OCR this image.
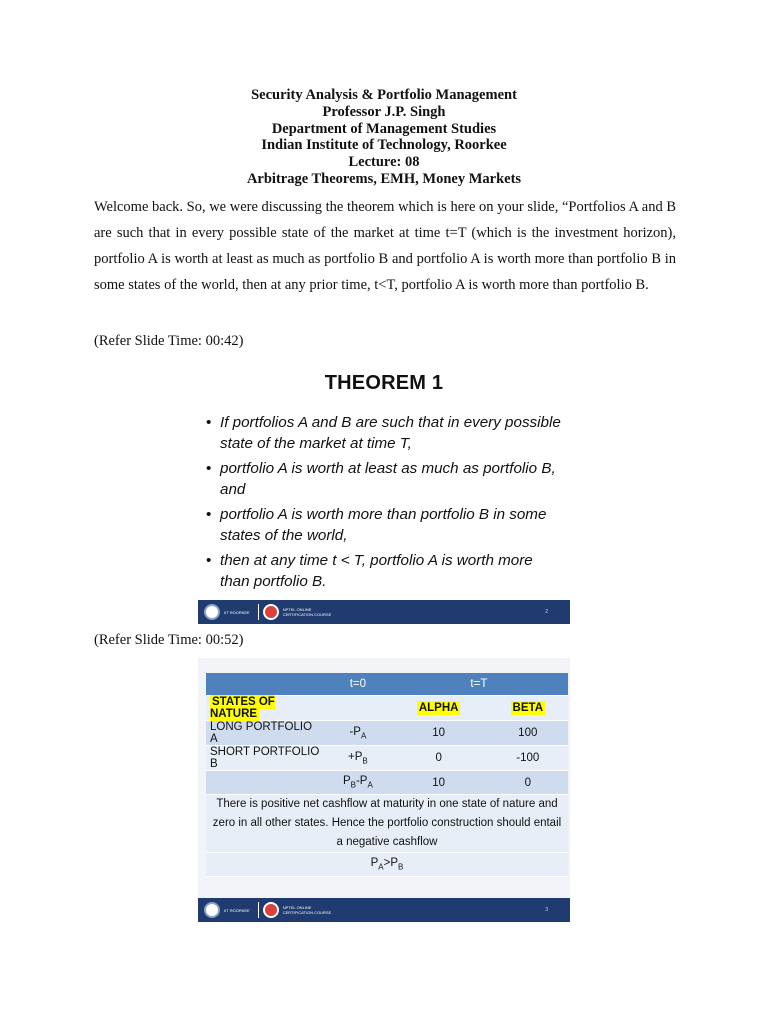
Security Analysis & Portfolio Management
Professor J.P. Singh
Department of Management Studies
Indian Institute of Technology, Roorkee
Lecture: 08
Arbitrage Theorems, EMH, Money Markets

Welcome back. So, we were discussing the theorem which is here on your slide, “Portfolios A and B are such that in every possible state of the market at time t=T (which is the investment horizon), portfolio A is worth at least as much as portfolio B and portfolio A is worth more than portfolio B in some states of the world, then at any prior time, t<T, portfolio A is worth more than portfolio B.

(Refer Slide Time: 00:42)

THEOREM 1
• If portfolios A and B are such that in every possible state of the market at time T,
• portfolio A is worth at least as much as portfolio B, and
• portfolio A is worth more than portfolio B in some states of the world,
• then at any time t < T, portfolio A is worth more than portfolio B.
IIT ROORKEE	NPTEL ONLINE
CERTIFICATION COURSE	2

(Refer Slide Time: 00:52)

	t=0	t=T	
STATES OF NATURE		ALPHA	BETA
LONG PORTFOLIO A	$-P_A$	10	100
SHORT PORTFOLIO B	$+P_B$	0	-100
	$P_B-P_A$	10	0
There is positive net cashflow at maturity in one state of nature and zero in all other states. Hence the portfolio construction should entail a negative cashflow			
$P_A>P_B$
IIT ROORKEE	NPTEL ONLINE
CERTIFICATION COURSE	3
